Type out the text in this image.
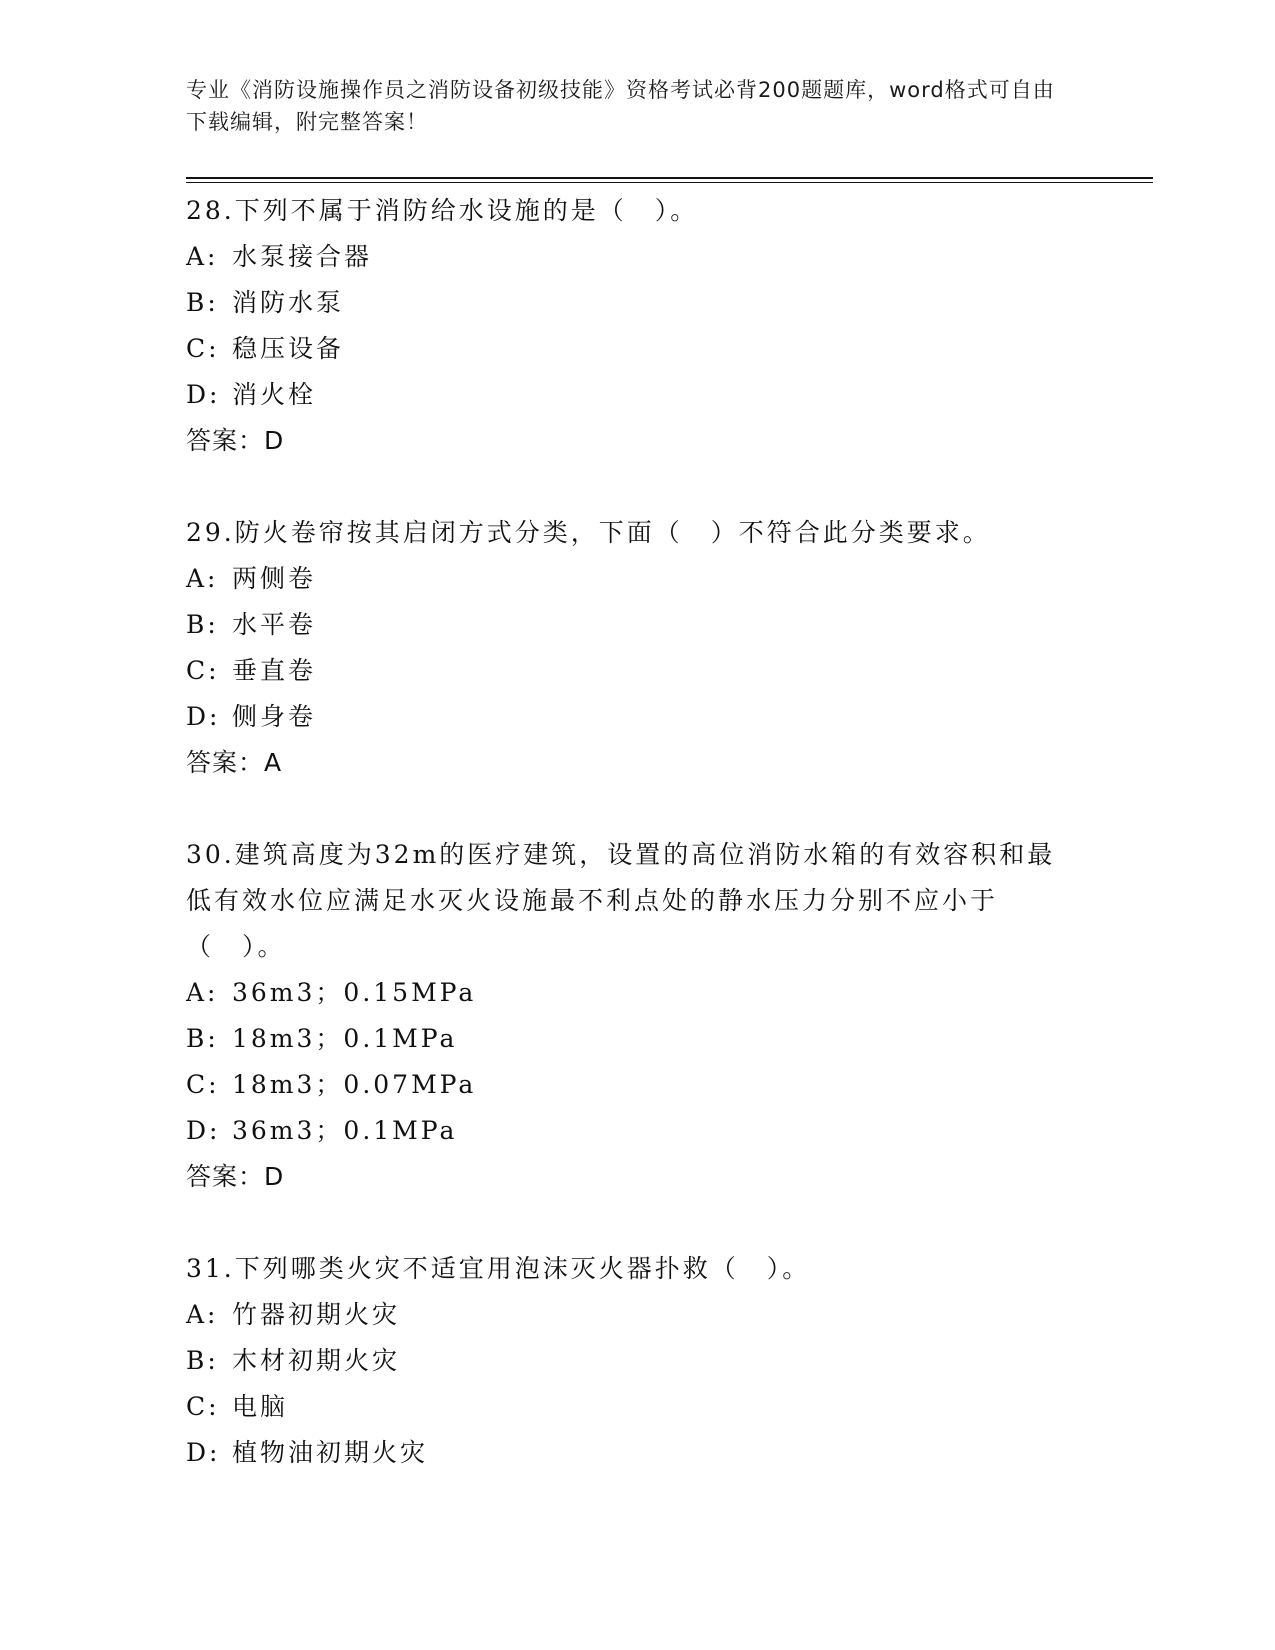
专业《消防设施操作员之消防设备初级技能》资格考试必背200题题库，word格式可自由下载编辑，附完整答案！
28.下列不属于消防给水设施的是（　）。
A: 水泵接合器
B: 消防水泵
C: 稳压设备
D: 消火栓
答案：D
29.防火卷帘按其启闭方式分类，下面（　）不符合此分类要求。
A: 两侧卷
B: 水平卷
C: 垂直卷
D: 侧身卷
答案：A
30.建筑高度为32m的医疗建筑，设置的高位消防水箱的有效容积和最低有效水位应满足水灭火设施最不利点处的静水压力分别不应小于（　）。
A: 36m3；0.15MPa
B: 18m3；0.1MPa
C: 18m3；0.07MPa
D: 36m3；0.1MPa
答案：D
31.下列哪类火灾不适宜用泡沫灭火器扑救（　）。
A: 竹器初期火灾
B: 木材初期火灾
C: 电脑
D: 植物油初期火灾
